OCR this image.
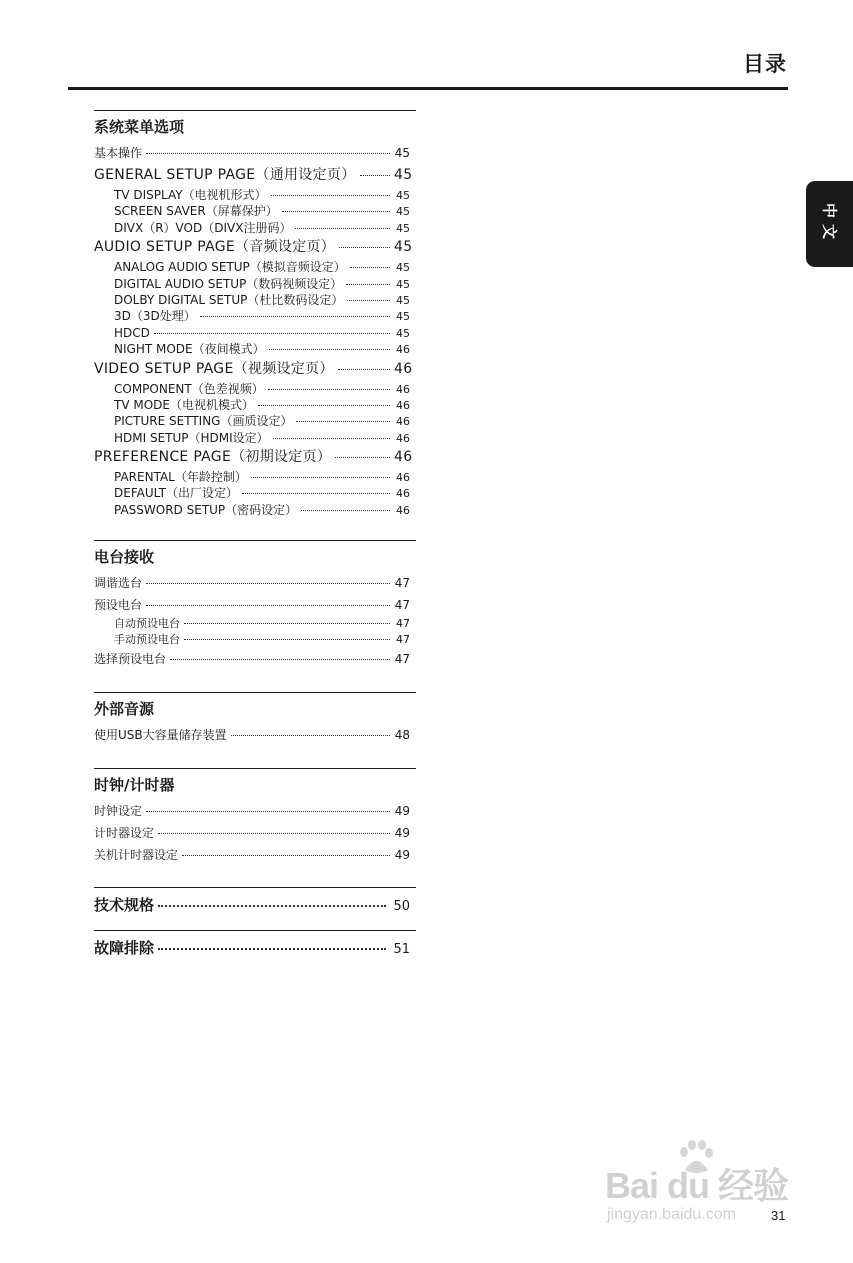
目录
中文
系统菜单选项
基本操作	45
GENERAL SETUP PAGE（通用设定页）	45
TV DISPLAY（电视机形式）	45
SCREEN SAVER（屏幕保护）	45
DIVX（R）VOD（DIVX注册码）	45
AUDIO SETUP PAGE（音频设定页）	45
ANALOG AUDIO SETUP（模拟音频设定）	45
DIGITAL AUDIO SETUP（数码视频设定）	45
DOLBY DIGITAL SETUP（杜比数码设定）	45
3D（3D处理）	45
HDCD	45
NIGHT MODE（夜间模式）	46
VIDEO SETUP PAGE（视频设定页）	46
COMPONENT（色差视频）	46
TV MODE（电视机模式）	46
PICTURE SETTING（画质设定）	46
HDMI SETUP（HDMI设定）	46
PREFERENCE PAGE（初期设定页）	46
PARENTAL（年龄控制）	46
DEFAULT（出厂设定）	46
PASSWORD SETUP（密码设定）	46
电台接收
调谐选台	47
预设电台	47
自动预设电台	47
手动预设电台	47
选择预设电台	47
外部音源
使用USB大容量储存装置	48
时钟/计时器
时钟设定	49
计时器设定	49
关机计时器设定	49
技术规格	50
故障排除	51
Bai du 经验
jingyan.baidu.com	31
